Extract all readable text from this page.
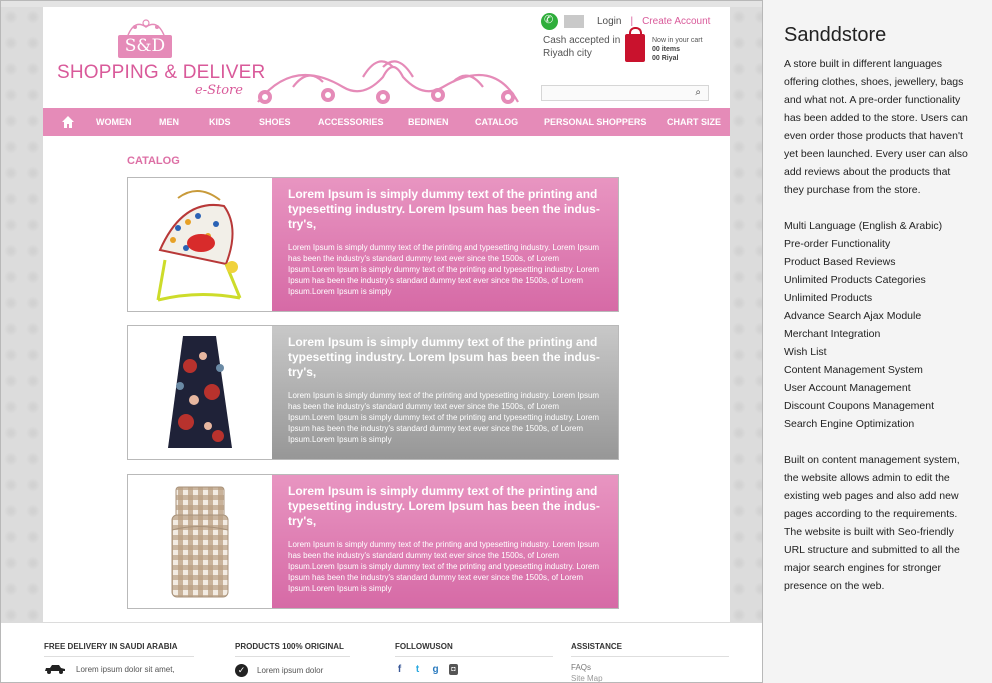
S&D
SHOPPING & DELIVER
e-Store
✆
Login | Create Account
Cash accepted in Riyadh city
Now in your cart
00 items
00 Riyal
⌕
WOMEN	MEN	KIDS	SHOES	ACCESSORIES	BEDINEN	CATALOG	PERSONAL SHOPPERS CHART SIZE
CATALOG
Lorem Ipsum is simply dummy text of the printing and typesetting industry. Lorem Ipsum has been the indus-try's,
Lorem Ipsum is simply dummy text of the printing and typesetting industry. Lorem Ipsum has been the industry's standard dummy text ever since the 1500s, of Lorem Ipsum.Lorem Ipsum is simply dummy text of the printing and typesetting industry. Lorem Ipsum has been the industry's standard dummy text ever since the 1500s, of Lorem Ipsum.Lorem Ipsum is simply
Lorem Ipsum is simply dummy text of the printing and typesetting industry. Lorem Ipsum has been the indus-try's,
Lorem Ipsum is simply dummy text of the printing and typesetting industry. Lorem Ipsum has been the industry's standard dummy text ever since the 1500s, of Lorem Ipsum.Lorem Ipsum is simply dummy text of the printing and typesetting industry. Lorem Ipsum has been the industry's standard dummy text ever since the 1500s, of Lorem Ipsum.Lorem Ipsum is simply
Lorem Ipsum is simply dummy text of the printing and typesetting industry. Lorem Ipsum has been the indus-try's,
Lorem Ipsum is simply dummy text of the printing and typesetting industry. Lorem Ipsum has been the industry's standard dummy text ever since the 1500s, of Lorem Ipsum.Lorem Ipsum is simply dummy text of the printing and typesetting industry. Lorem Ipsum has been the industry's standard dummy text ever since the 1500s, of Lorem Ipsum.Lorem Ipsum is simply
FREE DELIVERY IN SAUDI ARABIA
Lorem ipsum dolor sit amet,
PRODUCTS 100% ORIGINAL
✓	Lorem ipsum dolor
FOLLOWUSON
f t g	◘
ASSISTANCE
FAQs
Site Map
Sanddstore
A store built in different languages offering clothes, shoes, jewellery, bags and what not. A pre-order functionality has been added to the store. Users can even order those products that haven't yet been launched. Every user can also add reviews about the products that they purchase from the store.
Multi Language (English & Arabic)
Pre-order Functionality
Product Based Reviews
Unlimited Products Categories
Unlimited Products
Advance Search Ajax Module
Merchant Integration
Wish List
Content Management System
User Account Management
Discount Coupons Management
Search Engine Optimization
Built on content management system, the website allows admin to edit the existing web pages and also add new pages according to the requirements. The website is built with Seo-friendly URL structure and submitted to all the major search engines for stronger presence on the web.
